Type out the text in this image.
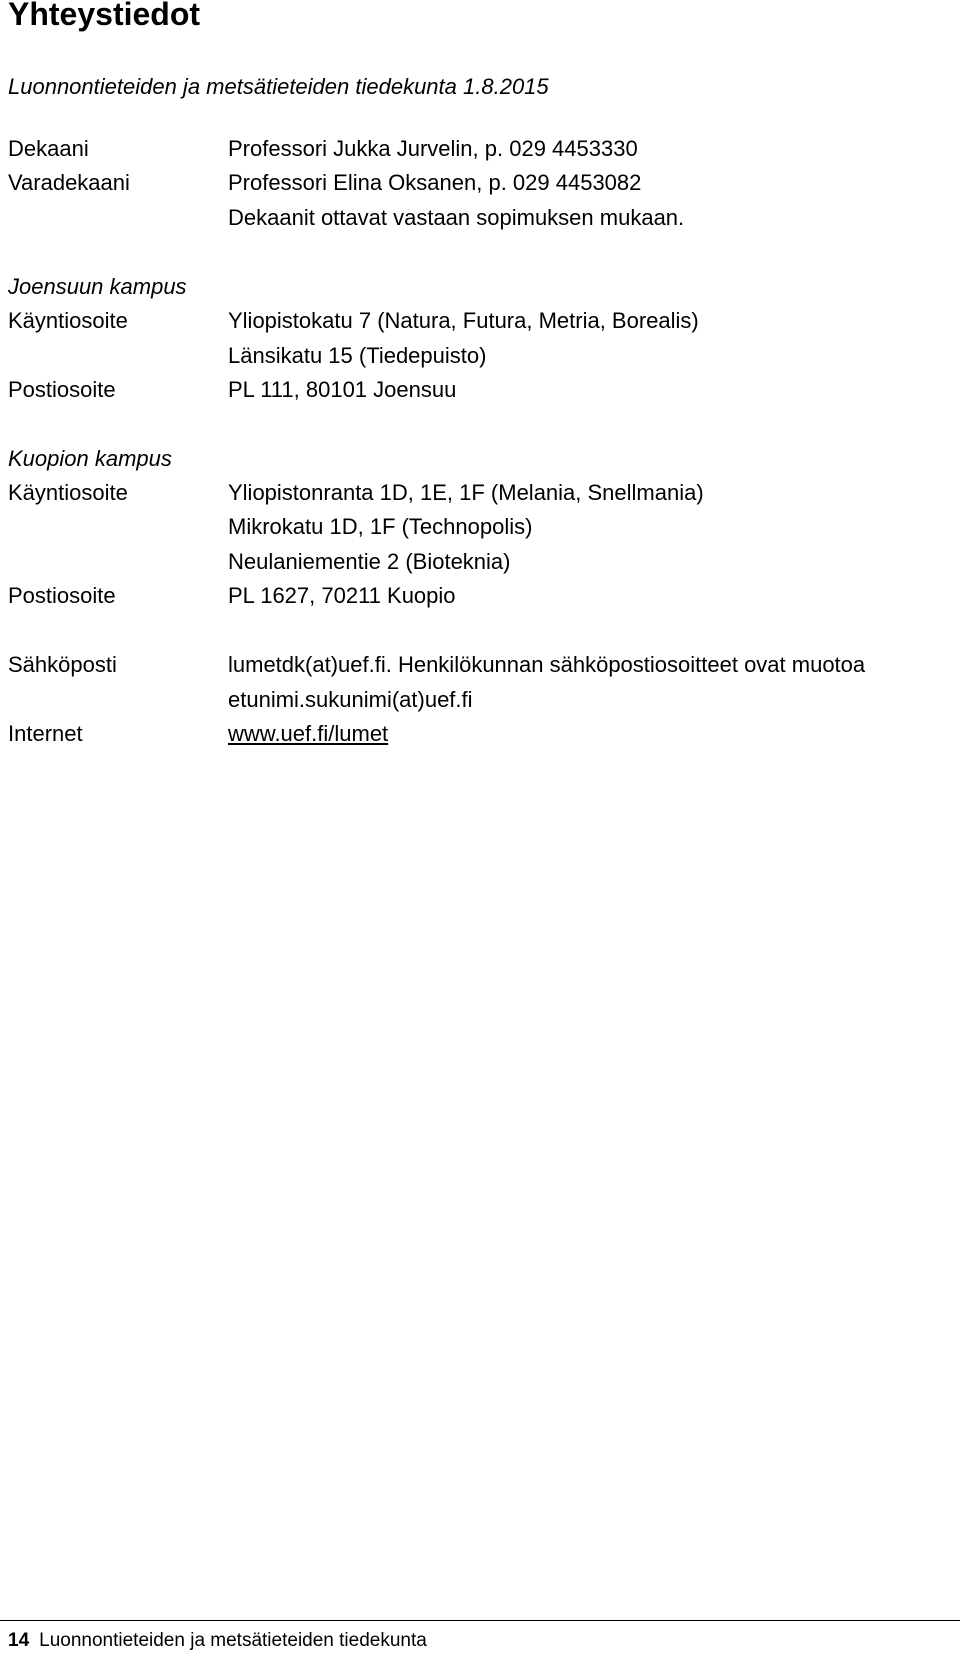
Yhteystiedot
Luonnontieteiden ja metsätieteiden tiedekunta 1.8.2015
Dekaani	Professori Jukka Jurvelin, p. 029 4453330
Varadekaani	Professori Elina Oksanen, p. 029 4453082
Dekaanit ottavat vastaan sopimuksen mukaan.
Joensuun kampus
Käyntiosoite	Yliopistokatu 7 (Natura, Futura, Metria, Borealis)
Länsikatu 15 (Tiedepuisto)
Postiosoite	PL 111, 80101 Joensuu
Kuopion kampus
Käyntiosoite	Yliopistonranta 1D, 1E, 1F (Melania, Snellmania)
Mikrokatu 1D, 1F (Technopolis)
Neulaniementie 2 (Bioteknia)
Postiosoite	PL 1627, 70211 Kuopio
Sähköposti	lumetdk(at)uef.fi. Henkilökunnan sähköpostiosoitteet ovat muotoa
etunimi.sukunimi(at)uef.fi
Internet	www.uef.fi/lumet
14 Luonnontieteiden ja metsätieteiden tiedekunta
